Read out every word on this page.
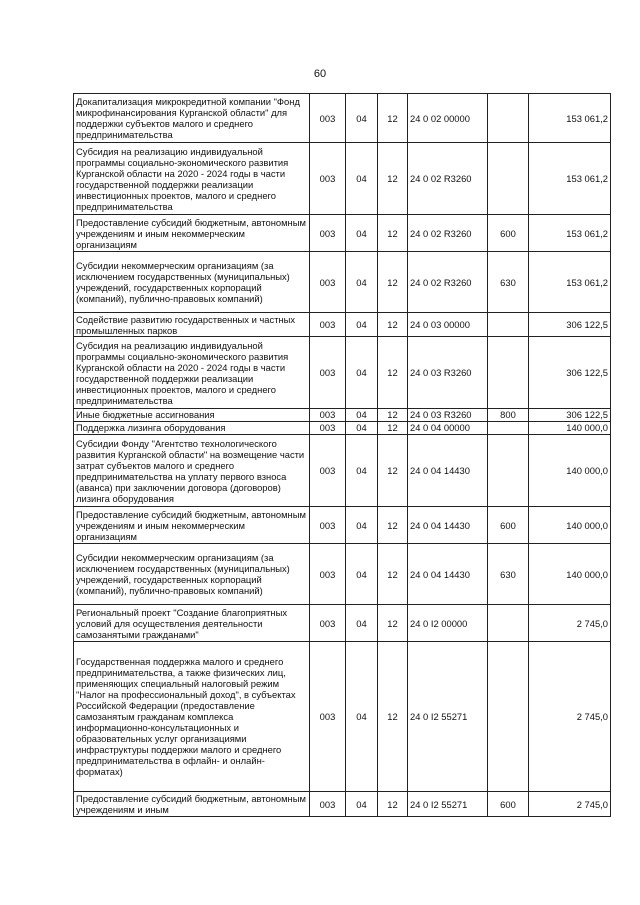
60
Докапитализация микрокредитной компании "Фонд микрофинансирования Курганской области" для поддержки субъектов малого и среднего предпринимательства	003	04	12	24 0 02 00000		153 061,2
Субсидия на реализацию индивидуальной программы социально-экономического развития Курганской области на 2020 - 2024 годы в части государственной поддержки реализации инвестиционных проектов, малого и среднего предпринимательства	003	04	12	24 0 02 R3260		153 061,2
Предоставление субсидий бюджетным, автономным учреждениям и иным некоммерческим организациям	003	04	12	24 0 02 R3260	600	153 061,2
Субсидии некоммерческим организациям (за исключением государственных (муниципальных) учреждений, государственных корпораций (компаний), публично-правовых компаний)	003	04	12	24 0 02 R3260	630	153 061,2
Содействие развитию государственных и частных промышленных парков	003	04	12	24 0 03 00000		306 122,5
Субсидия на реализацию индивидуальной программы социально-экономического развития Курганской области на 2020 - 2024 годы в части государственной поддержки реализации инвестиционных проектов, малого и среднего предпринимательства	003	04	12	24 0 03 R3260		306 122,5
Иные бюджетные ассигнования	003	04	12	24 0 03 R3260	800	306 122,5
Поддержка лизинга оборудования	003	04	12	24 0 04 00000		140 000,0
Субсидии Фонду "Агентство технологического развития Курганской области" на возмещение части затрат субъектов малого и среднего предпринимательства на уплату первого взноса (аванса) при заключении договора (договоров) лизинга оборудования	003	04	12	24 0 04 14430		140 000,0
Предоставление субсидий бюджетным, автономным учреждениям и иным некоммерческим организациям	003	04	12	24 0 04 14430	600	140 000,0
Субсидии некоммерческим организациям (за исключением государственных (муниципальных) учреждений, государственных корпораций (компаний), публично-правовых компаний)	003	04	12	24 0 04 14430	630	140 000,0
Региональный проект "Создание благоприятных условий для осуществления деятельности самозанятыми гражданами"	003	04	12	24 0 I2 00000		2 745,0
Государственная поддержка малого и среднего предпринимательства, а также физических лиц, применяющих специальный налоговый режим "Налог на профессиональный доход", в субъектах Российской Федерации (предоставление самозанятым гражданам комплекса информационно-консультационных и образовательных услуг организациями инфраструктуры поддержки малого и среднего предпринимательства в офлайн- и онлайн-форматах)	003	04	12	24 0 I2 55271		2 745,0
Предоставление субсидий бюджетным, автономным учреждениям и иным	003	04	12	24 0 I2 55271	600	2 745,0
